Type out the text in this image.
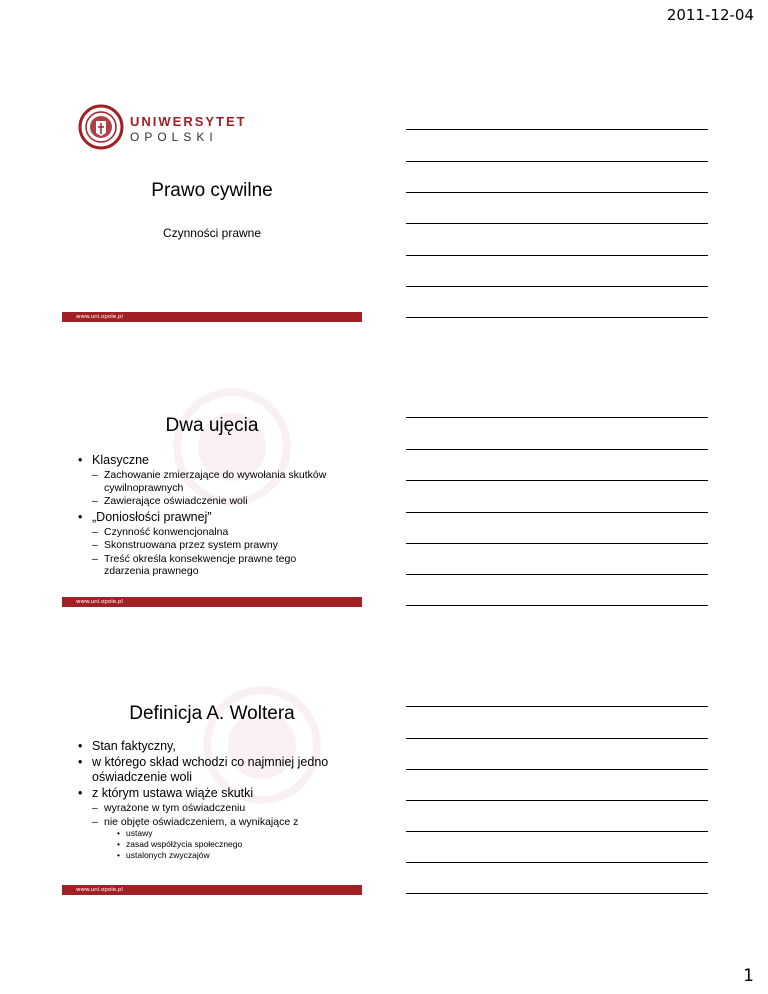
2011-12-04
UNIWERSYTET
OPOLSKI
Prawo cywilne
Czynności prawne
www.uni.opole.pl
Dwa ujęcia
• Klasyczne
– Zachowanie zmierzające do wywołania skutków cywilnoprawnych
– Zawierające oświadczenie woli
• „Doniosłości prawnej”
– Czynność konwencjonalna
– Skonstruowana przez system prawny
– Treść określa konsekwencje prawne tego zdarzenia prawnego
www.uni.opole.pl
Definicja A. Woltera
• Stan faktyczny,
• w którego skład wchodzi co najmniej jedno oświadczenie woli
• z którym ustawa wiąże skutki
– wyrażone w tym oświadczeniu
– nie objęte oświadczeniem, a wynikające z
• ustawy
• zasad współżycia społecznego
• ustalonych zwyczajów
www.uni.opole.pl
1
